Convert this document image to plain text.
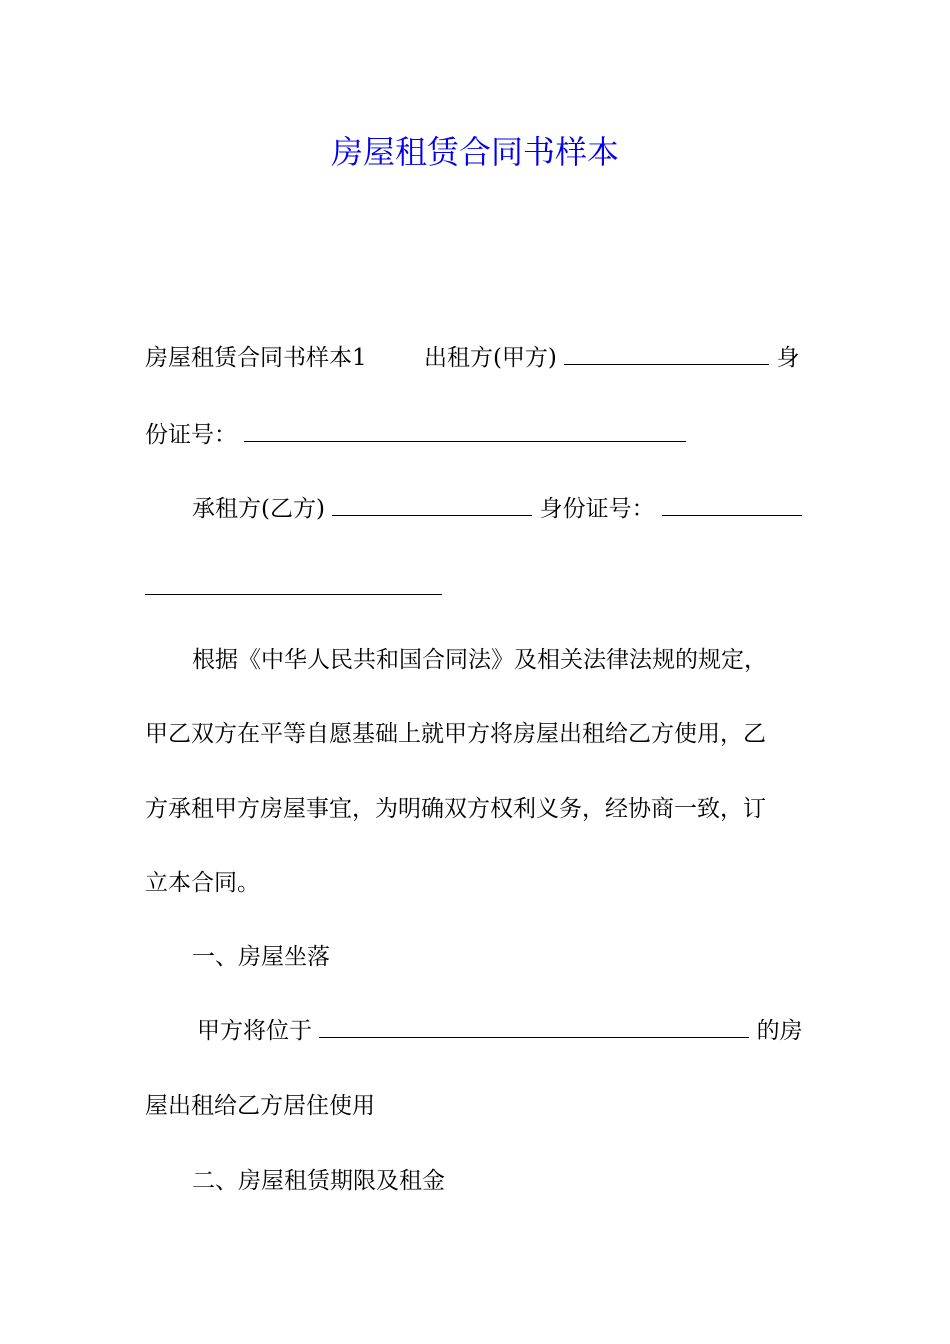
房屋租赁合同书样本
房屋租赁合同书样本1 出租方(甲方)	身
份证号：
承租方(乙方)	身份证号：
根据《中华人民共和国合同法》及相关法律法规的规定，
甲乙双方在平等自愿基础上就甲方将房屋出租给乙方使用，乙
方承租甲方房屋事宜，为明确双方权利义务，经协商一致，订
立本合同。
一、房屋坐落
甲方将位于	的房
屋出租给乙方居住使用
二、房屋租赁期限及租金
